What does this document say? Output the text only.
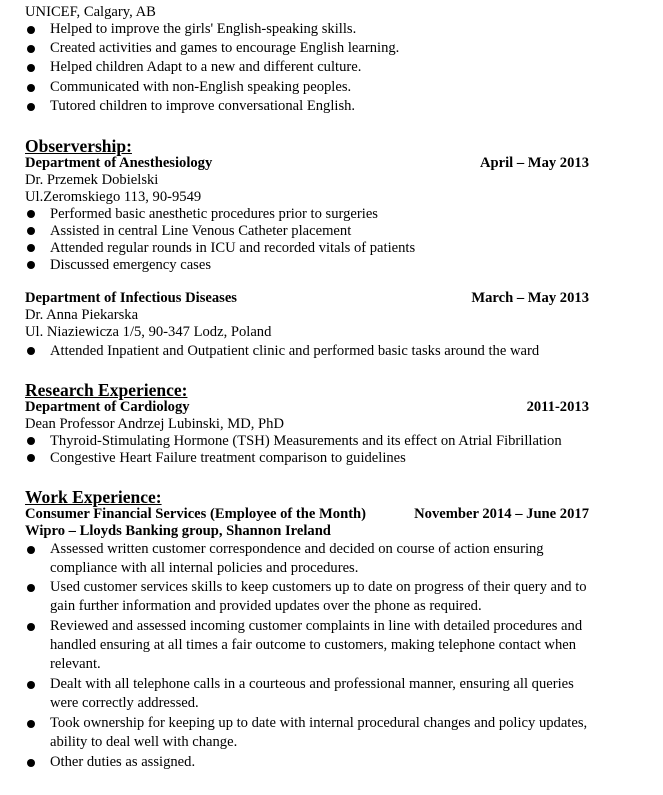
UNICEF, Calgary, AB
Helped to improve the girls' English-speaking skills.
Created activities and games to encourage English learning.
Helped children Adapt to a new and different culture.
Communicated with non-English speaking peoples.
Tutored children to improve conversational English.
Observership:
Department of Anesthesiology	April – May 2013
Dr. Przemek Dobielski
Ul.Zeromskiego 113, 90-9549
Performed basic anesthetic procedures prior to surgeries
Assisted in central Line Venous Catheter placement
Attended regular rounds in ICU and recorded vitals of patients
Discussed emergency cases
Department of Infectious Diseases	March – May 2013
Dr. Anna Piekarska
Ul. Niaziewicza 1/5, 90-347 Lodz, Poland
Attended Inpatient and Outpatient clinic and performed basic tasks around the ward
Research Experience:
Department of Cardiology	2011-2013
Dean Professor Andrzej Lubinski, MD, PhD
Thyroid-Stimulating Hormone (TSH) Measurements and its effect on Atrial Fibrillation
Congestive Heart Failure treatment comparison to guidelines
Work Experience:
Consumer Financial Services (Employee of the Month)	November 2014 – June 2017
Wipro – Lloyds Banking group, Shannon Ireland
Assessed written customer correspondence and decided on course of action ensuring
compliance with all internal policies and procedures.
Used customer services skills to keep customers up to date on progress of their query and to
gain further information and provided updates over the phone as required.
Reviewed and assessed incoming customer complaints in line with detailed procedures and
handled ensuring at all times a fair outcome to customers, making telephone contact when
relevant.
Dealt with all telephone calls in a courteous and professional manner, ensuring all queries
were correctly addressed.
Took ownership for keeping up to date with internal procedural changes and policy updates,
ability to deal well with change.
Other duties as assigned.
